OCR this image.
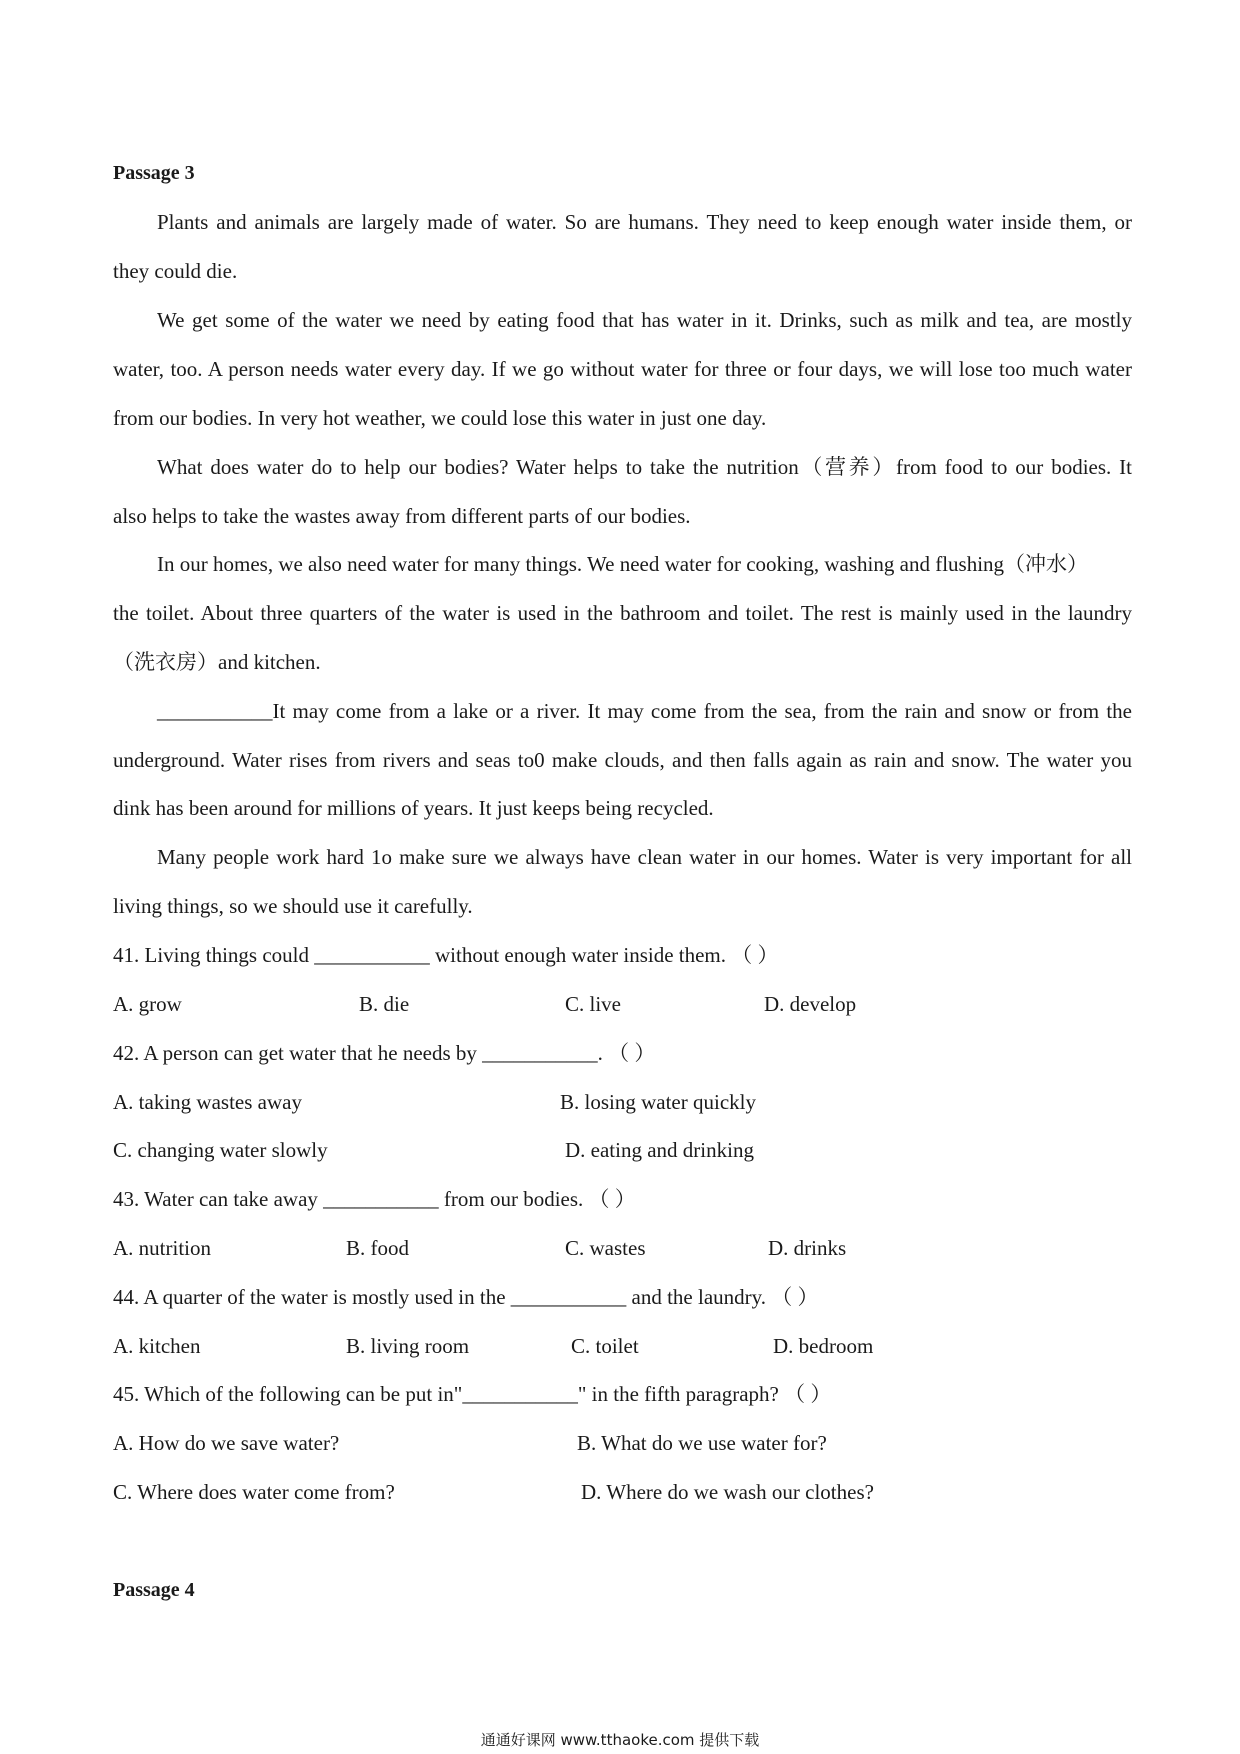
Passage 3
Plants and animals are largely made of water. So are humans. They need to keep enough water inside them, or
they could die.
We get some of the water we need by eating food that has water in it. Drinks, such as milk and tea, are mostly
water, too. A person needs water every day. If we go without water for three or four days, we will lose too much water
from our bodies. In very hot weather, we could lose this water in just one day.
What does water do to help our bodies? Water helps to take the nutrition（营养）from food to our bodies. It
also helps to take the wastes away from different parts of our bodies.
In our homes, we also need water for many things. We need water for cooking, washing and flushing（冲水）
the toilet. About three quarters of the water is used in the bathroom and toilet. The rest is mainly used in the laundry
（洗衣房）and kitchen.
___________It may come from a lake or a river. It may come from the sea, from the rain and snow or from the
underground. Water rises from rivers and seas to0 make clouds, and then falls again as rain and snow. The water you
dink has been around for millions of years. It just keeps being recycled.
Many people work hard 1o make sure we always have clean water in our homes. Water is very important for all
living things, so we should use it carefully.
41. Living things could ___________ without enough water inside them. （ ）
A. grow	B. die	C. live	D. develop
42. A person can get water that he needs by ___________. （ ）
A. taking wastes away	B. losing water quickly
C. changing water slowly	D. eating and drinking
43. Water can take away ___________ from our bodies. （ ）
A. nutrition	B. food	C. wastes	D. drinks
44. A quarter of the water is mostly used in the ___________ and the laundry. （ ）
A. kitchen	B. living room	C. toilet	D. bedroom
45. Which of the following can be put in"___________" in the fifth paragraph? （ ）
A. How do we save water?	B. What do we use water for?
C. Where does water come from?	D. Where do we wash our clothes?
Passage 4
通通好课网 www.tthaoke.com 提供下载
